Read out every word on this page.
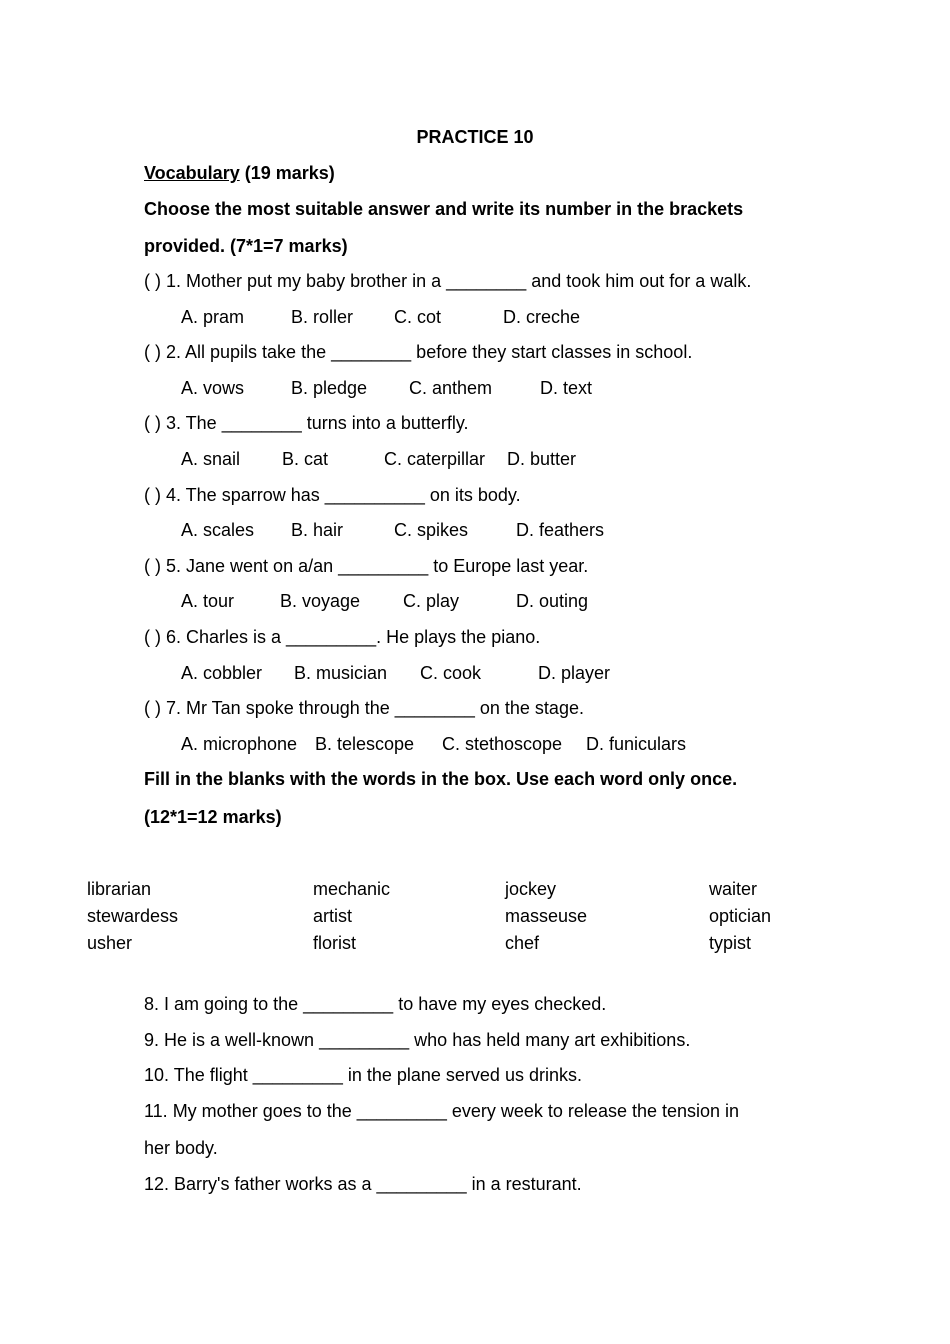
PRACTICE 10
Vocabulary (19 marks)
Choose the most suitable answer and write its number in the brackets
provided. (7*1=7 marks)
( ) 1. Mother put my baby brother in a ________ and took him out for a walk.
A. pram	B. roller C. cot	D. creche
( ) 2. All pupils take the ________ before they start classes in school.
A. vows	B. pledge C. anthem	D. text
( ) 3. The ________ turns into a butterfly.
A. snail B. cat	C. caterpillar D. butter
( ) 4. The sparrow has __________ on its body.
A. scales B. hair	C. spikes	D. feathers
( ) 5. Jane went on a/an _________ to Europe last year.
A. tour	B. voyage C. play	D. outing
( ) 6. Charles is a _________. He plays the piano.
A. cobbler B. musician C. cook	D. player
( ) 7. Mr Tan spoke through the ________ on the stage.
A. microphone B. telescope C. stethoscope D. funiculars
Fill in the blanks with the words in the box. Use each word only once.
(12*1=12 marks)
librarian	mechanic	jockey	waiter
stewardess	artist	masseuse	optician
usher	florist	chef	typist
8. I am going to the _________ to have my eyes checked.
9. He is a well-known _________ who has held many art exhibitions.
10. The flight _________ in the plane served us drinks.
11. My mother goes to the _________ every week to release the tension in
her body.
12. Barry's father works as a _________ in a resturant.
